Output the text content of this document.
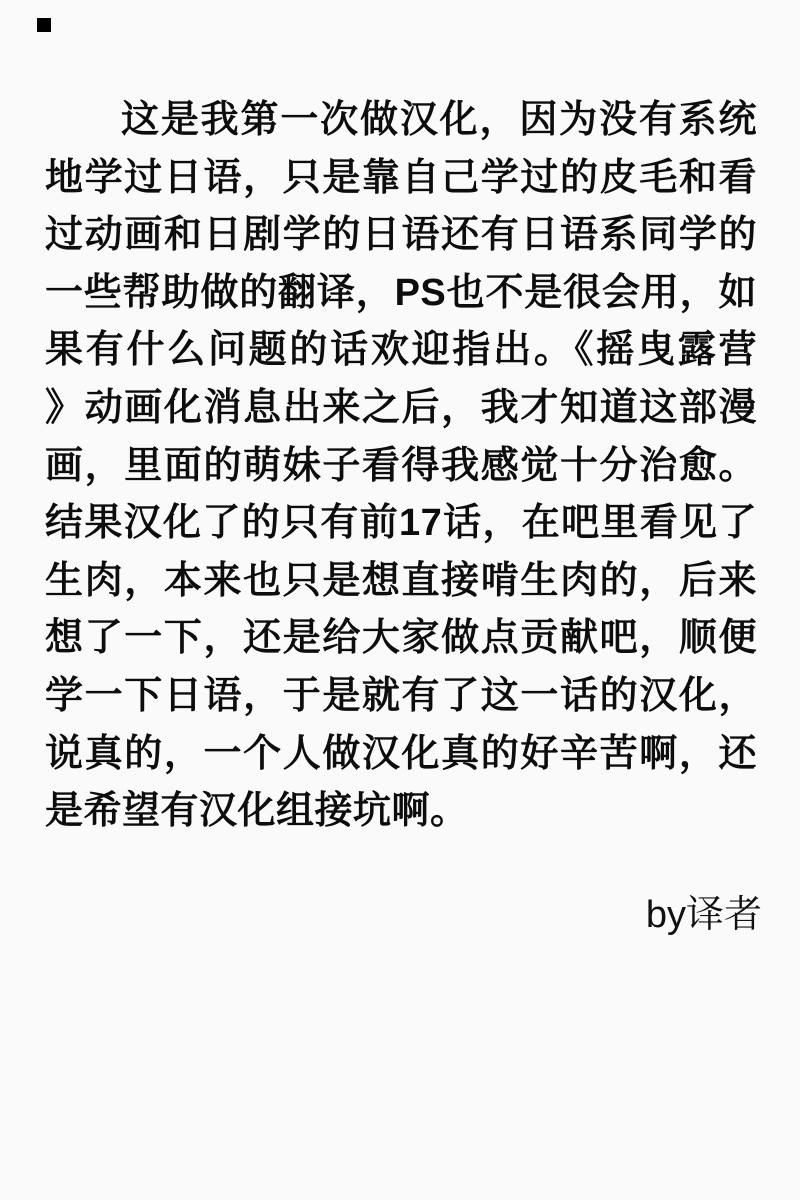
这是我第一次做汉化，因为没有系统
地学过日语，只是靠自己学过的皮毛和看
过动画和日剧学的日语还有日语系同学的
一些帮助做的翻译，PS也不是很会用，如
果有什么问题的话欢迎指出。《摇曳露营
》动画化消息出来之后，我才知道这部漫
画，里面的萌妹子看得我感觉十分治愈。
结果汉化了的只有前17话，在吧里看见了
生肉，本来也只是想直接啃生肉的，后来
想了一下，还是给大家做点贡献吧，顺便
学一下日语，于是就有了这一话的汉化，
说真的，一个人做汉化真的好辛苦啊，还
是希望有汉化组接坑啊。
by译者
